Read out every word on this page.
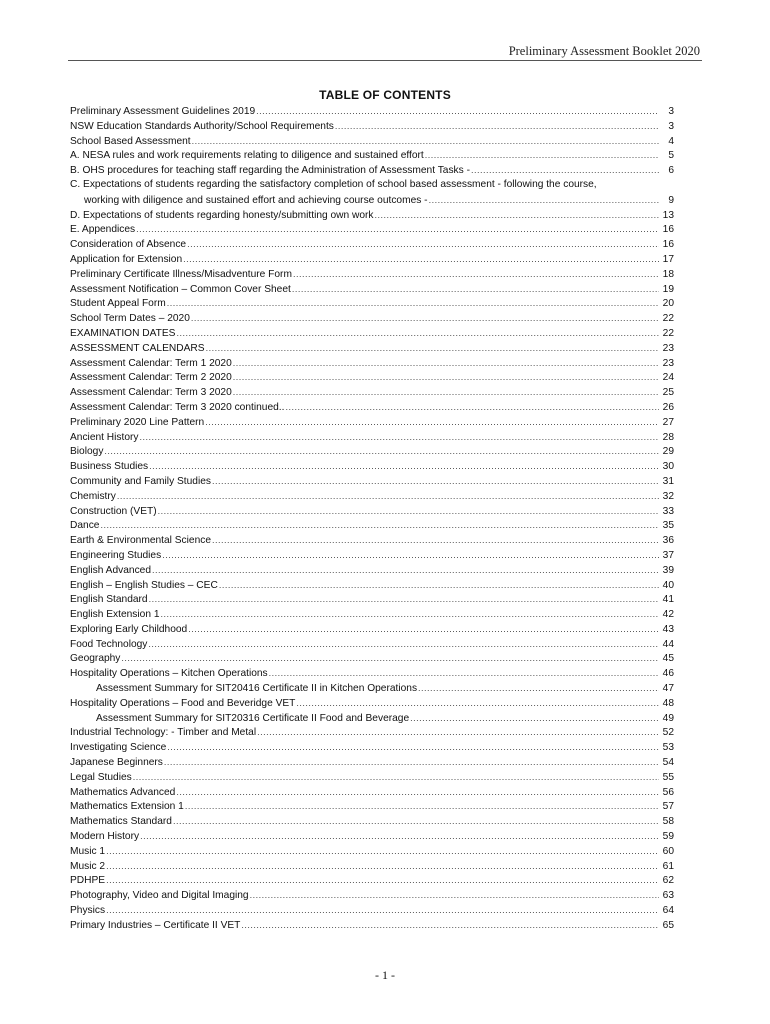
Preliminary Assessment Booklet 2020
TABLE OF CONTENTS
Preliminary Assessment Guidelines 2019 .....	3
NSW Education Standards Authority/School Requirements .....	3
School Based Assessment .....	4
A. NESA rules and work requirements relating to diligence and sustained effort .....	5
B. OHS procedures for teaching staff regarding the Administration of Assessment Tasks - .....	6
C. Expectations of students regarding the satisfactory completion of school based assessment - following the course,
working with diligence and sustained effort and achieving course outcomes - .....	9
D. Expectations of students regarding honesty/submitting own work .....	13
E. Appendices .....	16
Consideration of Absence .....	16
Application for Extension .....	17
Preliminary Certificate Illness/Misadventure Form .....	18
Assessment Notification – Common Cover Sheet .....	19
Student Appeal Form .....	20
School Term Dates – 2020 .....	22
EXAMINATION DATES .....	22
ASSESSMENT CALENDARS .....	23
Assessment Calendar: Term 1 2020 .....	23
Assessment Calendar: Term 2 2020 .....	24
Assessment Calendar: Term 3 2020 .....	25
Assessment Calendar: Term 3 2020 continued.. .....	26
Preliminary 2020 Line Pattern .....	27
Ancient History .....	28
Biology .....	29
Business Studies .....	30
Community and Family Studies .....	31
Chemistry .....	32
Construction (VET) .....	33
Dance .....	35
Earth & Environmental Science .....	36
Engineering Studies .....	37
English Advanced .....	39
English – English Studies – CEC .....	40
English Standard .....	41
English Extension 1 .....	42
Exploring Early Childhood .....	43
Food Technology .....	44
Geography .....	45
Hospitality Operations – Kitchen Operations .....	46
Assessment Summary for SIT20416 Certificate II in Kitchen Operations .....	47
Hospitality Operations – Food and Beveridge VET .....	48
Assessment Summary for SIT20316 Certificate II Food and Beverage .....	49
Industrial Technology: - Timber and Metal .....	52
Investigating Science .....	53
Japanese Beginners .....	54
Legal Studies .....	55
Mathematics Advanced .....	56
Mathematics Extension 1 .....	57
Mathematics Standard .....	58
Modern History .....	59
Music 1 .....	60
Music 2 .....	61
PDHPE .....	62
Photography, Video and Digital Imaging .....	63
Physics .....	64
Primary Industries – Certificate II VET .....	65
- 1 -
